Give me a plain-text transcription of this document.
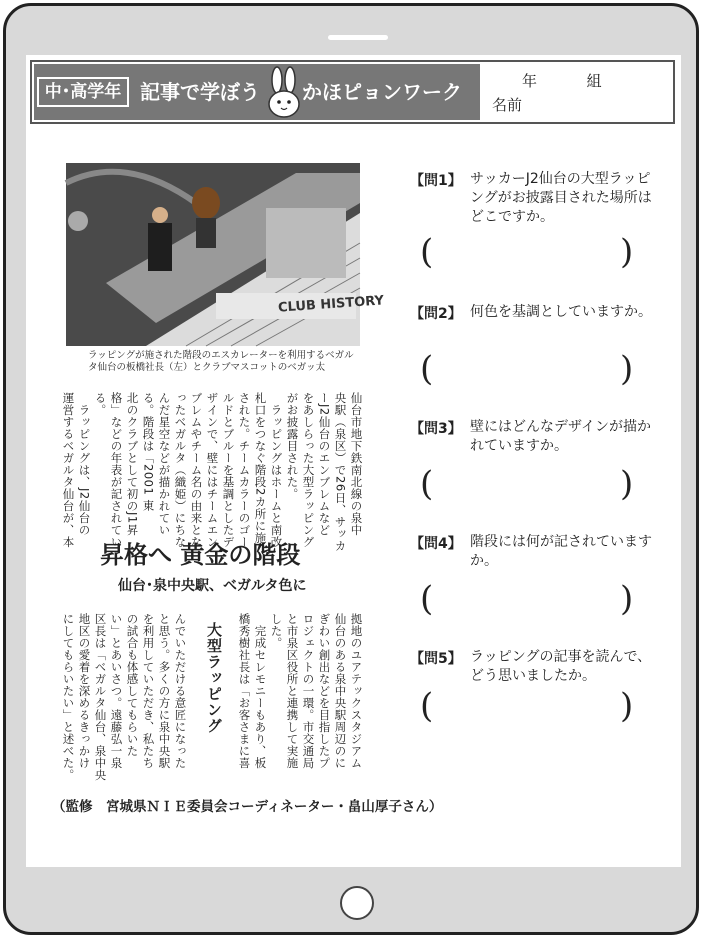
中･高学年 記事で学ぼう かほピョンワーク	年	組
名前
CLUB HISTORY
ラッピングが施された階段のエスカレーターを利用するベガルタ仙台の板橋社長（左）とクラブマスコットのベガッ太
仙台市地下鉄南北線の泉中
央駅（泉区）で26日、サッカ
ーJ2仙台のエンブレムなど
をあしらった大型ラッピング
がお披露目された。
ラッピングはホームと南改
札口をつなぐ階段2カ所に施
された。チームカラーのゴー
ルドとブルーを基調としたデ
ザインで、壁にはチームエン
ブレムやチーム名の由来とな
ったベガルタ（織姫）にちな
んだ星空などが描かれてい
る。階段は「2001 東
北のクラブとして初のJ1昇
格」などの年表が記されてい
る。
ラッピングは、J2仙台の
運営するベガルタ仙台が、本
昇格へ 黄金の階段
仙台･泉中央駅、ベガルタ色に
拠地のユアテックスタジアム
仙台のある泉中央駅周辺のに
ぎわい創出などを目指したプ
ロジェクトの一環。市交通局
と市泉区役所と連携して実施
した。
完成セレモニーもあり、板
橋秀樹社長は「お客さまに喜
大型ラッピング
んでいただける意匠になった
と思う。多くの方に泉中央駅
を利用していただき、私たち
の試合も体感してもらいた
い」とあいさつ。遠藤弘一泉
区長は「ベガルタ仙台、泉中央
地区の愛着を深めるきっかけ
にしてもらいたい」と述べた。
【問1】 サッカーJ2仙台の大型ラッピングがお披露目された場所はどこですか。
(	)
【問2】 何色を基調としていますか。
(	)
【問3】 壁にはどんなデザインが描かれていますか。
(	)
【問4】 階段には何が記されていますか。
(	)
【問5】 ラッピングの記事を読んで、どう思いましたか。
(	)
（監修　宮城県ＮＩＥ委員会コーディネーター・畠山厚子さん）
